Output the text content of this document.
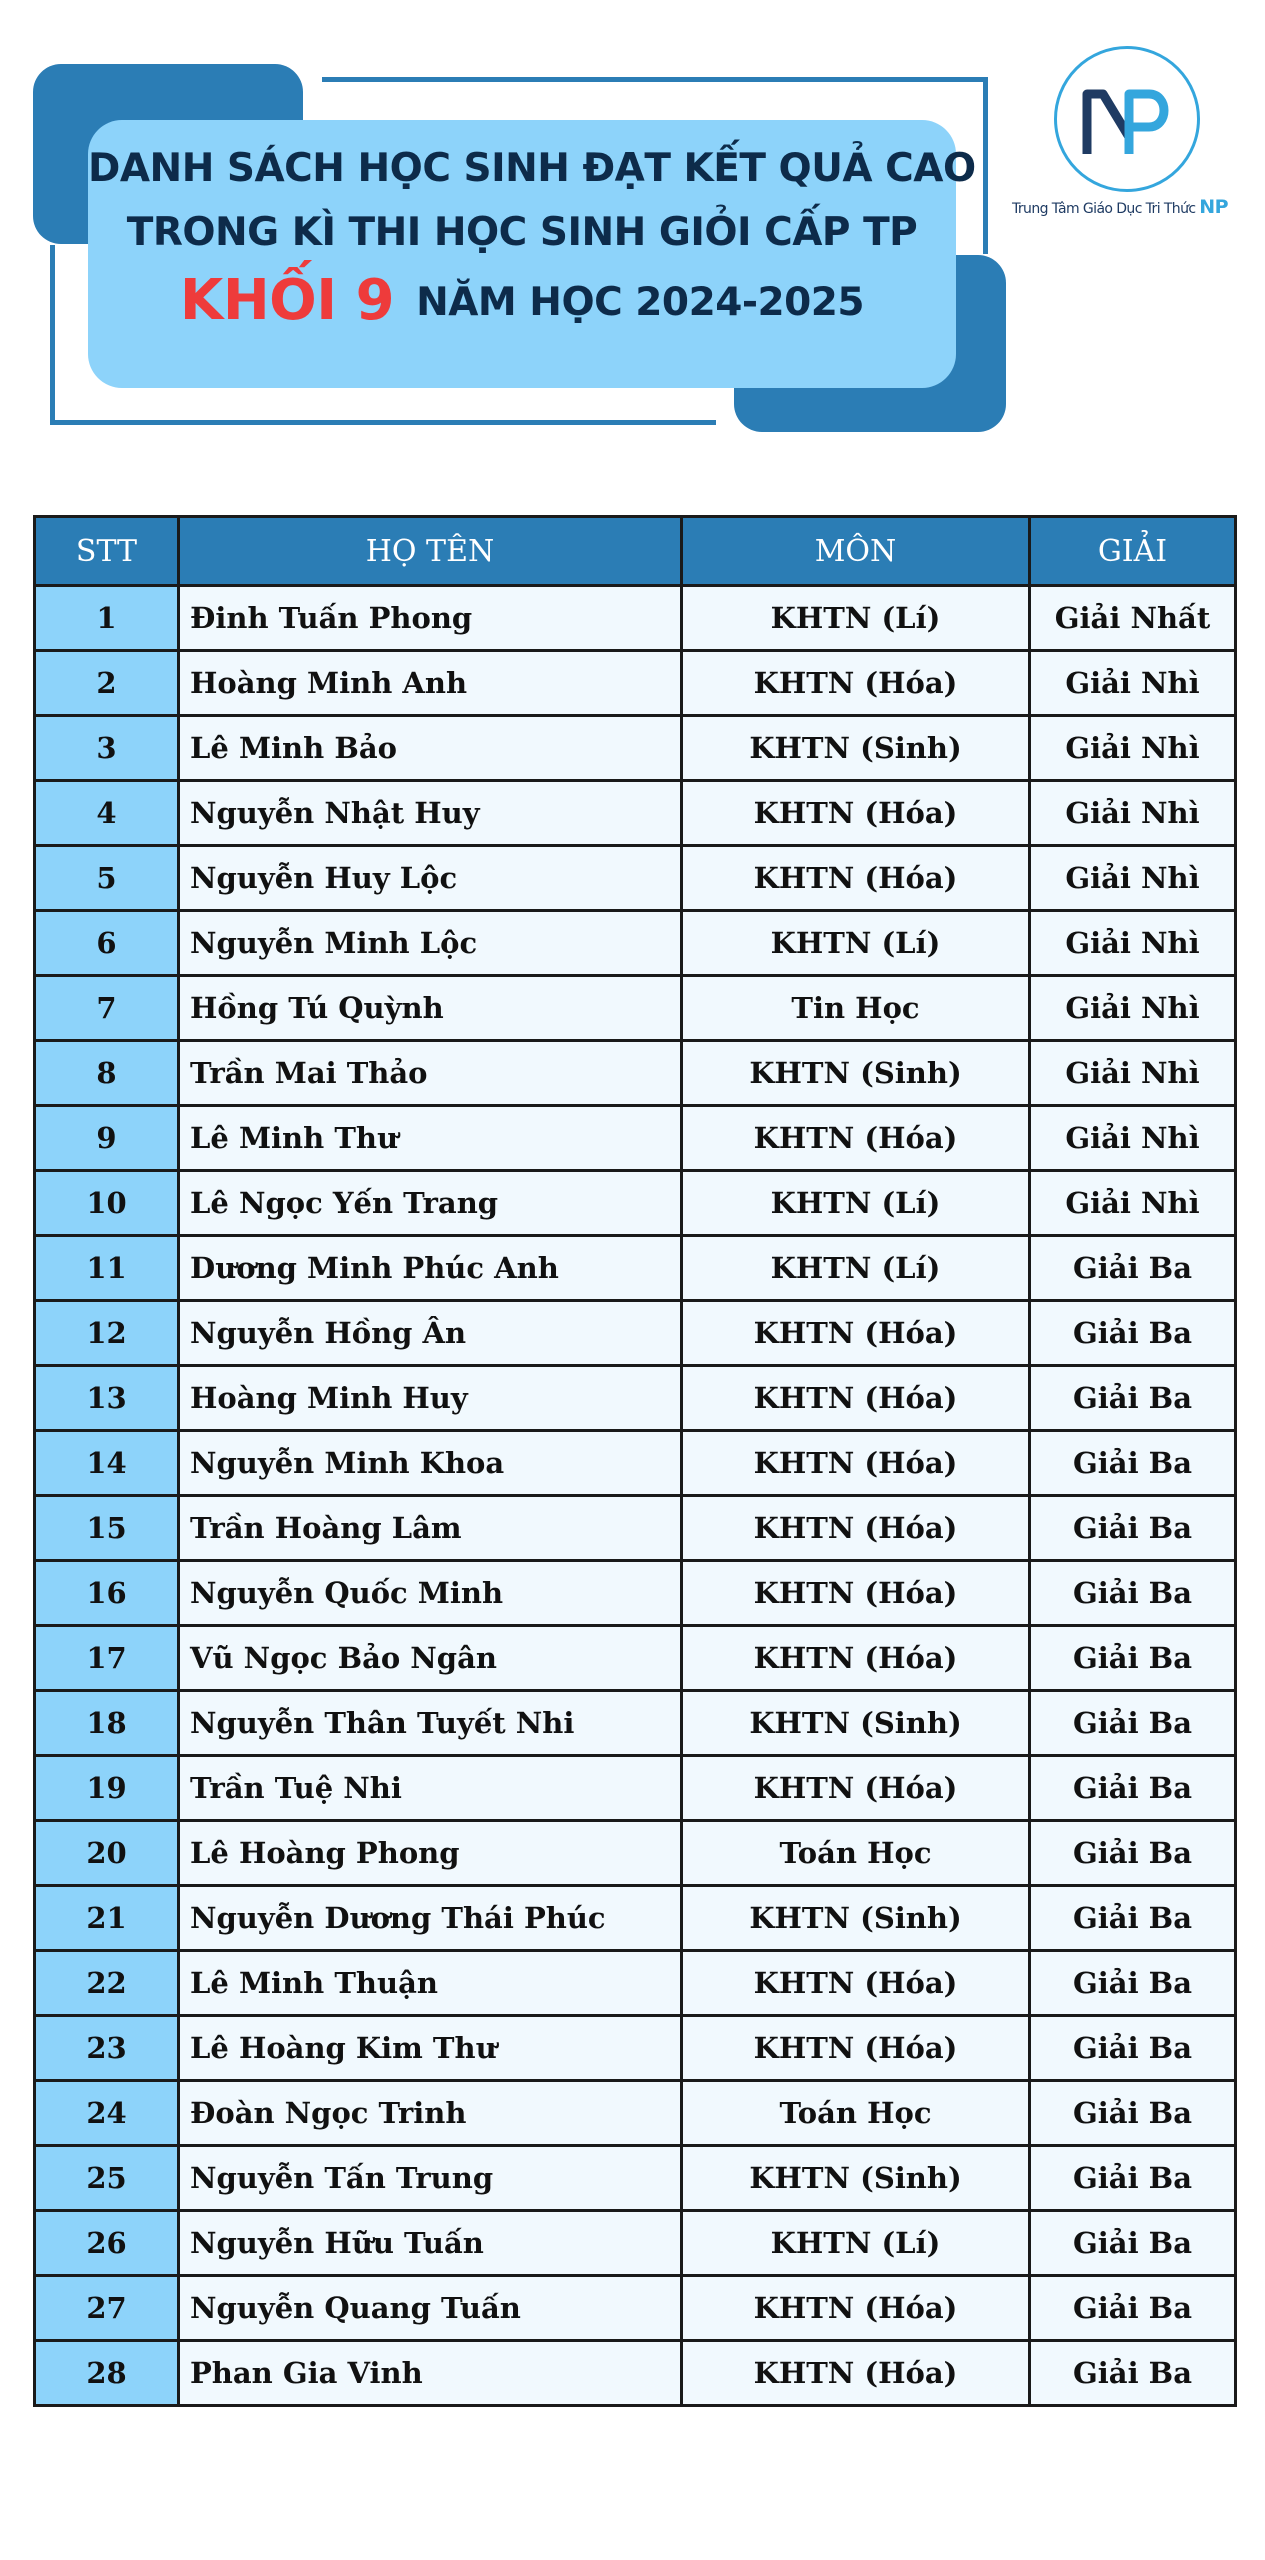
DANH SÁCH HỌC SINH ĐẠT KẾT QUẢ CAO
TRONG KÌ THI HỌC SINH GIỎI CẤP TP
KHỐI 9 NĂM HỌC 2024-2025
Trung Tâm Giáo Dục Tri Thức NP
STT	HỌ TÊN	MÔN	GIẢI
1	Đinh Tuấn Phong	KHTN (Lí)	Giải Nhất
2	Hoàng Minh Anh	KHTN (Hóa)	Giải Nhì
3	Lê Minh Bảo	KHTN (Sinh)	Giải Nhì
4	Nguyễn Nhật Huy	KHTN (Hóa)	Giải Nhì
5	Nguyễn Huy Lộc	KHTN (Hóa)	Giải Nhì
6	Nguyễn Minh Lộc	KHTN (Lí)	Giải Nhì
7	Hồng Tú Quỳnh	Tin Học	Giải Nhì
8	Trần Mai Thảo	KHTN (Sinh)	Giải Nhì
9	Lê Minh Thư	KHTN (Hóa)	Giải Nhì
10	Lê Ngọc Yến Trang	KHTN (Lí)	Giải Nhì
11	Dương Minh Phúc Anh	KHTN (Lí)	Giải Ba
12	Nguyễn Hồng Ân	KHTN (Hóa)	Giải Ba
13	Hoàng Minh Huy	KHTN (Hóa)	Giải Ba
14	Nguyễn Minh Khoa	KHTN (Hóa)	Giải Ba
15	Trần Hoàng Lâm	KHTN (Hóa)	Giải Ba
16	Nguyễn Quốc Minh	KHTN (Hóa)	Giải Ba
17	Vũ Ngọc Bảo Ngân	KHTN (Hóa)	Giải Ba
18	Nguyễn Thân Tuyết Nhi	KHTN (Sinh)	Giải Ba
19	Trần Tuệ Nhi	KHTN (Hóa)	Giải Ba
20	Lê Hoàng Phong	Toán Học	Giải Ba
21	Nguyễn Dương Thái Phúc	KHTN (Sinh)	Giải Ba
22	Lê Minh Thuận	KHTN (Hóa)	Giải Ba
23	Lê Hoàng Kim Thư	KHTN (Hóa)	Giải Ba
24	Đoàn Ngọc Trinh	Toán Học	Giải Ba
25	Nguyễn Tấn Trung	KHTN (Sinh)	Giải Ba
26	Nguyễn Hữu Tuấn	KHTN (Lí)	Giải Ba
27	Nguyễn Quang Tuấn	KHTN (Hóa)	Giải Ba
28	Phan Gia Vinh	KHTN (Hóa)	Giải Ba
